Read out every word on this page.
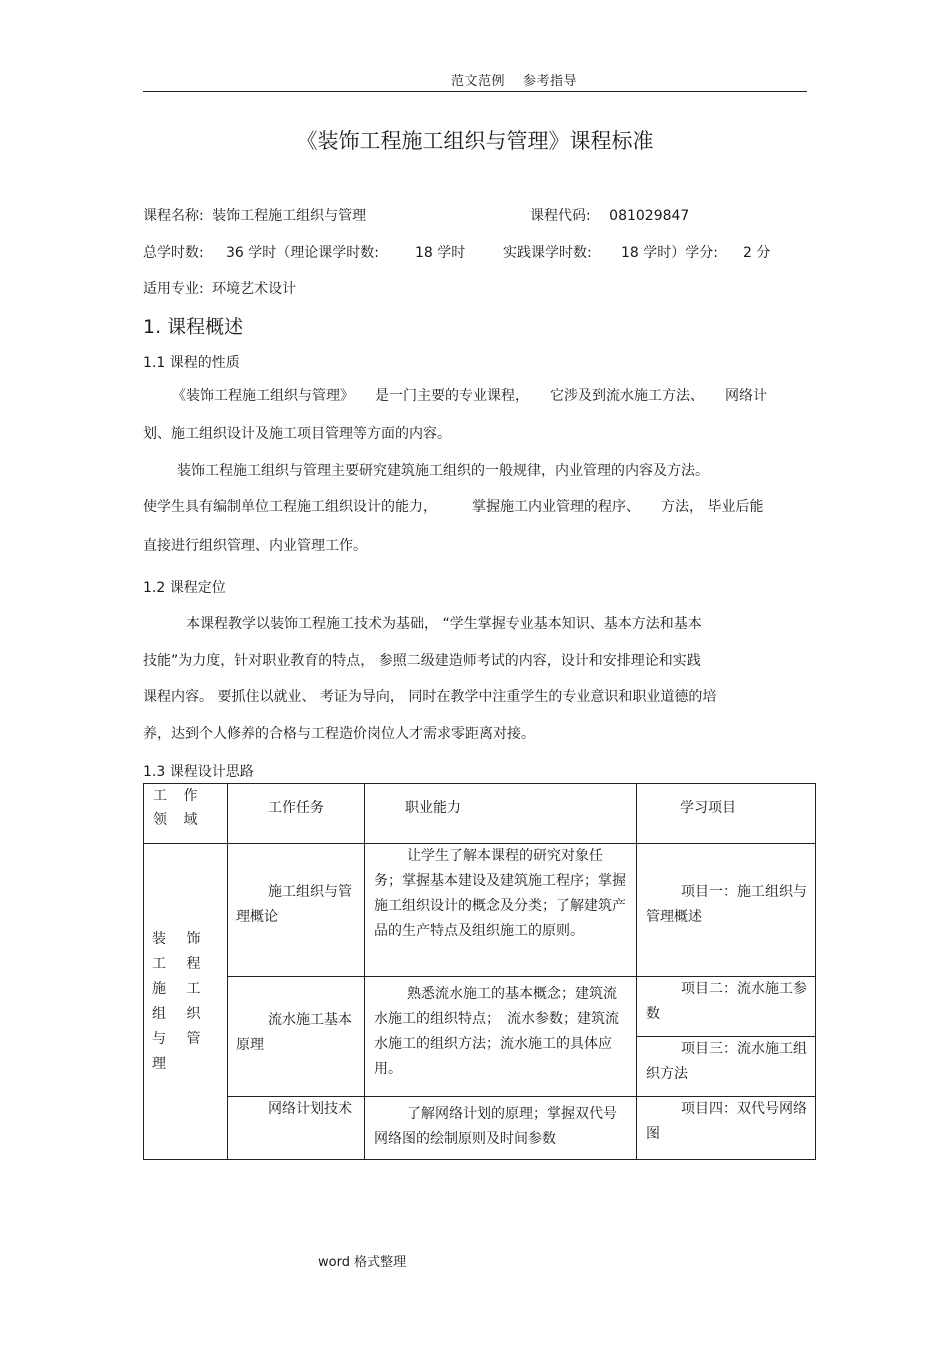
范文范例 参考指导
《装饰工程施工组织与管理》课程标准
课程名称: 装饰工程施工组织与管理	课程代码: 081029847
总学时数: 36 学时（理论课学时数:	18 学时	实践课学时数: 18 学时）学分: 2 分
适用专业: 环境艺术设计
1. 课程概述
1.1 课程的性质
《装饰工程施工组织与管理》　　是一门主要的专业课程，　　它涉及到流水施工方法、　　网络计
划、施工组织设计及施工项目管理等方面的内容。
装饰工程施工组织与管理主要研究建筑施工组织的一般规律，内业管理的内容及方法。
使学生具有编制单位工程施工组织设计的能力，　　　掌握施工内业管理的程序、　　方法， 毕业后能
直接进行组织管理、内业管理工作。
1.2 课程定位
本课程教学以装饰工程施工技术为基础， “学生掌握专业基本知识、基本方法和基本
技能”为力度，针对职业教育的特点， 参照二级建造师考试的内容，设计和安排理论和实践
课程内容。 要抓住以就业、 考证为导向， 同时在教学中注重学生的专业意识和职业道德的培
养，达到个人修养的合格与工程造价岗位人才需求零距离对接。
1.3 课程设计思路
工 作 领 域	工作任务	职业能力	学习项目

装 饰 工 程 施 工 组 织 与 管理	施工组织与管理概论	让学生了解本课程的研究对象任务；掌握基本建设及建筑施工程序；掌握施工组织设计的概念及分类；了解建筑产品的生产特点及组织施工的原则。	项目一：施工组织与管理概述

	流水施工基本原理	熟悉流水施工的基本概念；建筑流水施工的组织特点；　流水参数；建筑流水施工的组织方法；流水施工的具体应用。	项目二：流水施工参数

			项目三：流水施工组织方法

	网络计划技术	了解网络计划的原理；掌握双代号网络图的绘制原则及时间参数	项目四：双代号网络图
word 格式整理
